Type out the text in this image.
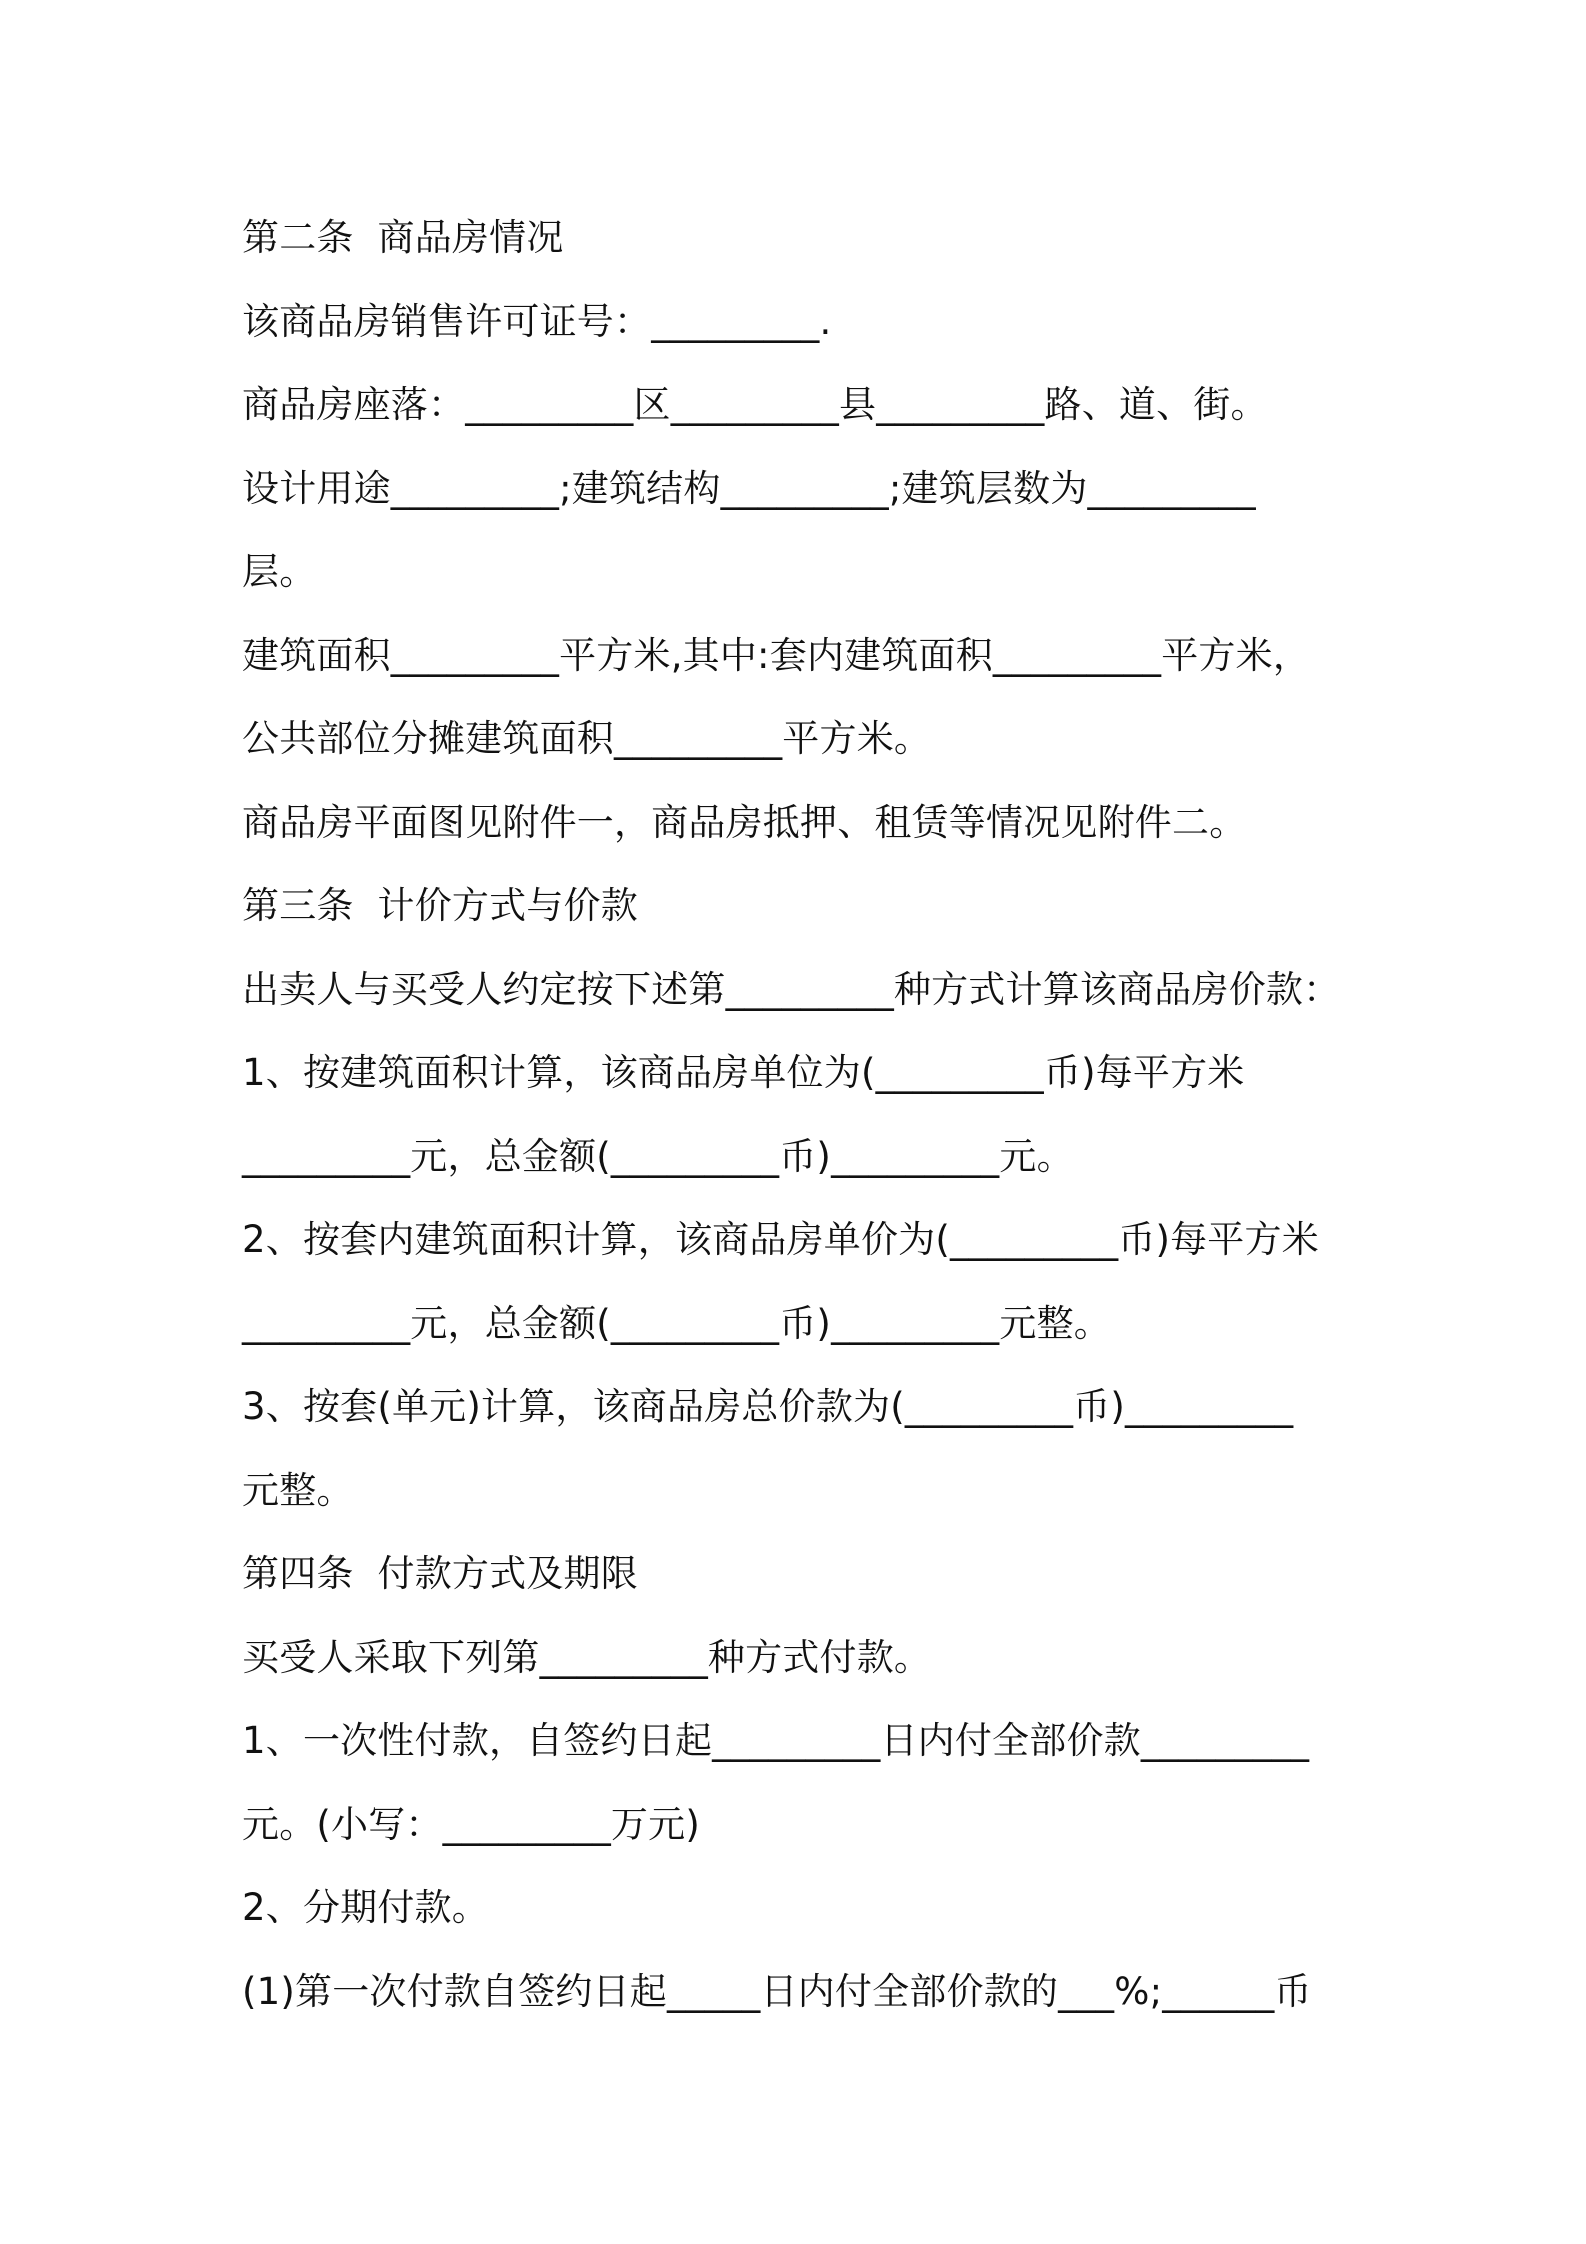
第二条  商品房情况
该商品房销售许可证号：_________.
商品房座落：_________区_________县_________路、道、街。
设计用途_________;建筑结构_________;建筑层数为_________
层。
建筑面积_________平方米,其中:套内建筑面积_________平方米，
公共部位分摊建筑面积_________平方米。
商品房平面图见附件一，商品房抵押、租赁等情况见附件二。
第三条  计价方式与价款
出卖人与买受人约定按下述第_________种方式计算该商品房价款：
1、按建筑面积计算，该商品房单位为(_________币)每平方米
_________元，总金额(_________币)_________元。
2、按套内建筑面积计算，该商品房单价为(_________币)每平方米
_________元，总金额(_________币)_________元整。
3、按套(单元)计算，该商品房总价款为(_________币)_________
元整。
第四条  付款方式及期限
买受人采取下列第_________种方式付款。
1、一次性付款，自签约日起_________日内付全部价款_________
元。(小写：_________万元)
2、分期付款。
(1)第一次付款自签约日起_____日内付全部价款的___%;______币
